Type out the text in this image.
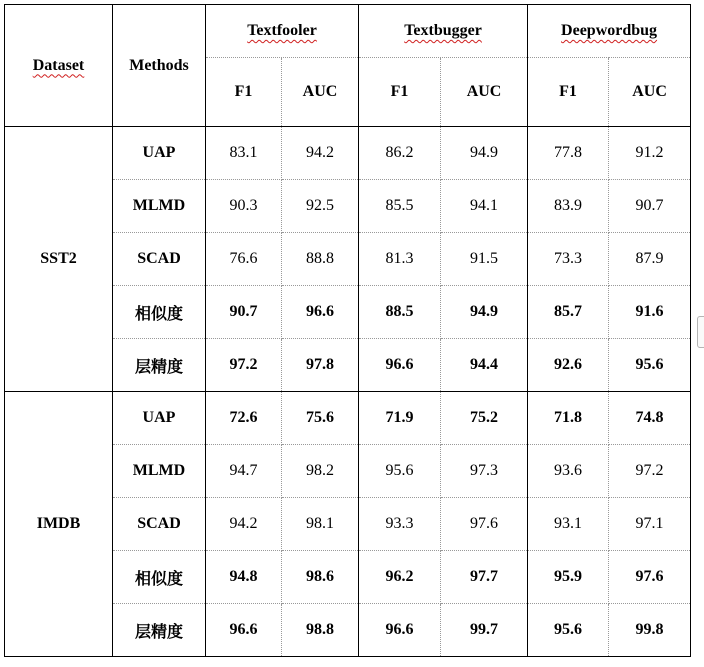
Dataset	Methods	Textfooler		Textbugger		Deepwordbug	
		F1	AUC	F1	AUC	F1	AUC
SST2	UAP	83.1	94.2	86.2	94.9	77.8	91.2
	MLMD	90.3	92.5	85.5	94.1	83.9	90.7
	SCAD	76.6	88.8	81.3	91.5	73.3	87.9
	相似度	90.7	96.6	88.5	94.9	85.7	91.6
	层精度	97.2	97.8	96.6	94.4	92.6	95.6
IMDB	UAP	72.6	75.6	71.9	75.2	71.8	74.8
	MLMD	94.7	98.2	95.6	97.3	93.6	97.2
	SCAD	94.2	98.1	93.3	97.6	93.1	97.1
	相似度	94.8	98.6	96.2	97.7	95.9	97.6
	层精度	96.6	98.8	96.6	99.7	95.6	99.8
